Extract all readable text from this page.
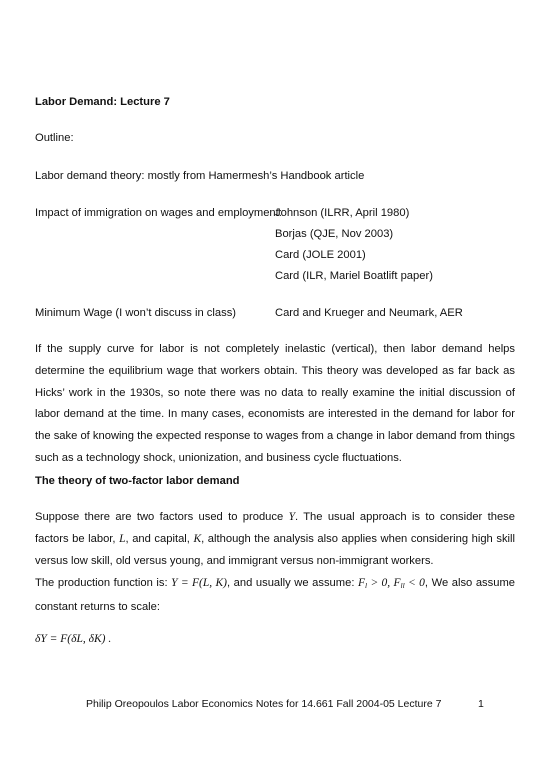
Labor Demand: Lecture 7
Outline:
Labor demand theory: mostly from Hamermesh’s Handbook article
Impact of immigration on wages and employment:
Johnson (ILRR, April 1980)
Borjas (QJE, Nov 2003)
Card (JOLE 2001)
Card (ILR, Mariel Boatlift paper)
Minimum Wage (I won’t discuss in class)	Card and Krueger and Neumark, AER
If the supply curve for labor is not completely inelastic (vertical), then labor demand helps determine the equilibrium wage that workers obtain. This theory was developed as far back as Hicks’ work in the 1930s, so note there was no data to really examine the initial discussion of labor demand at the time. In many cases, economists are interested in the demand for labor for the sake of knowing the expected response to wages from a change in labor demand from things such as a technology shock, unionization, and business cycle fluctuations.
The theory of two-factor labor demand
Suppose there are two factors used to produce Y. The usual approach is to consider these factors be labor, L, and capital, K, although the analysis also applies when considering high skill versus low skill, old versus young, and immigrant versus non-immigrant workers.
The production function is: Y = F(L, K), and usually we assume: $F_l > 0$, $F_{ll} < 0$, We also assume constant returns to scale:
δY = F(δL, δK) .
Philip Oreopoulos Labor Economics Notes for 14.661 Fall 2004-05 Lecture 7	1
